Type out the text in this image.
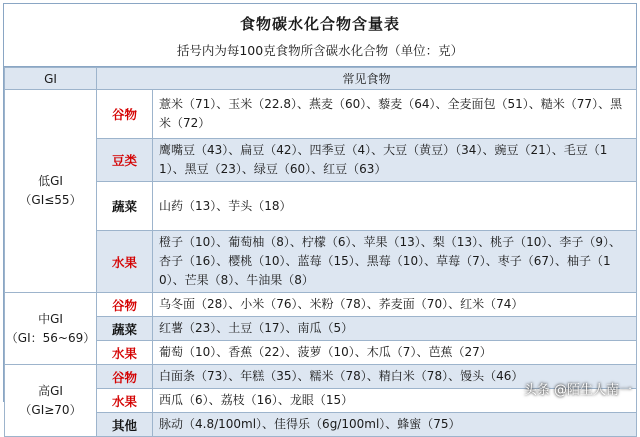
食物碳水化合物含量表
括号内为每100克食物所含碳水化合物（单位：克）
GI	常见食物	

低GI
（GI≤55）	谷物	薏米（71）、玉米（22.8）、燕麦（60）、藜麦（64）、全麦面包（51）、糙米（77）、黑米（72）
	豆类	鹰嘴豆（43）、扁豆（42）、四季豆（4）、大豆（黄豆）（34）、豌豆（21）、毛豆（11）、黑豆（23）、绿豆（60）、红豆（63）
	蔬菜	山药（13）、芋头（18）
	水果	橙子（10）、葡萄柚（8）、柠檬（6）、苹果（13）、梨（13）、桃子（10）、李子（9）、杏子（16）、樱桃（10）、蓝莓（15）、黑莓（10）、草莓（7）、枣子（67）、柚子（10）、芒果（8）、牛油果（8）

中GI
（GI：56~69）	谷物	乌冬面（28）、小米（76）、米粉（78）、荞麦面（70）、红米（74）
	蔬菜	红薯（23）、土豆（17）、南瓜（5）
	水果	葡萄（10）、香蕉（22）、菠萝（10）、木瓜（7）、芭蕉（27）

高GI
（GI≥70）	谷物	白面条（73）、年糕（35）、糯米（78）、精白米（78）、馒头（46）
	水果	西瓜（6）、荔枝（16）、龙眼（15）
	其他	脉动（4.8/100ml）、佳得乐（6g/100ml）、蜂蜜（75）
头条 @陌生人南一
